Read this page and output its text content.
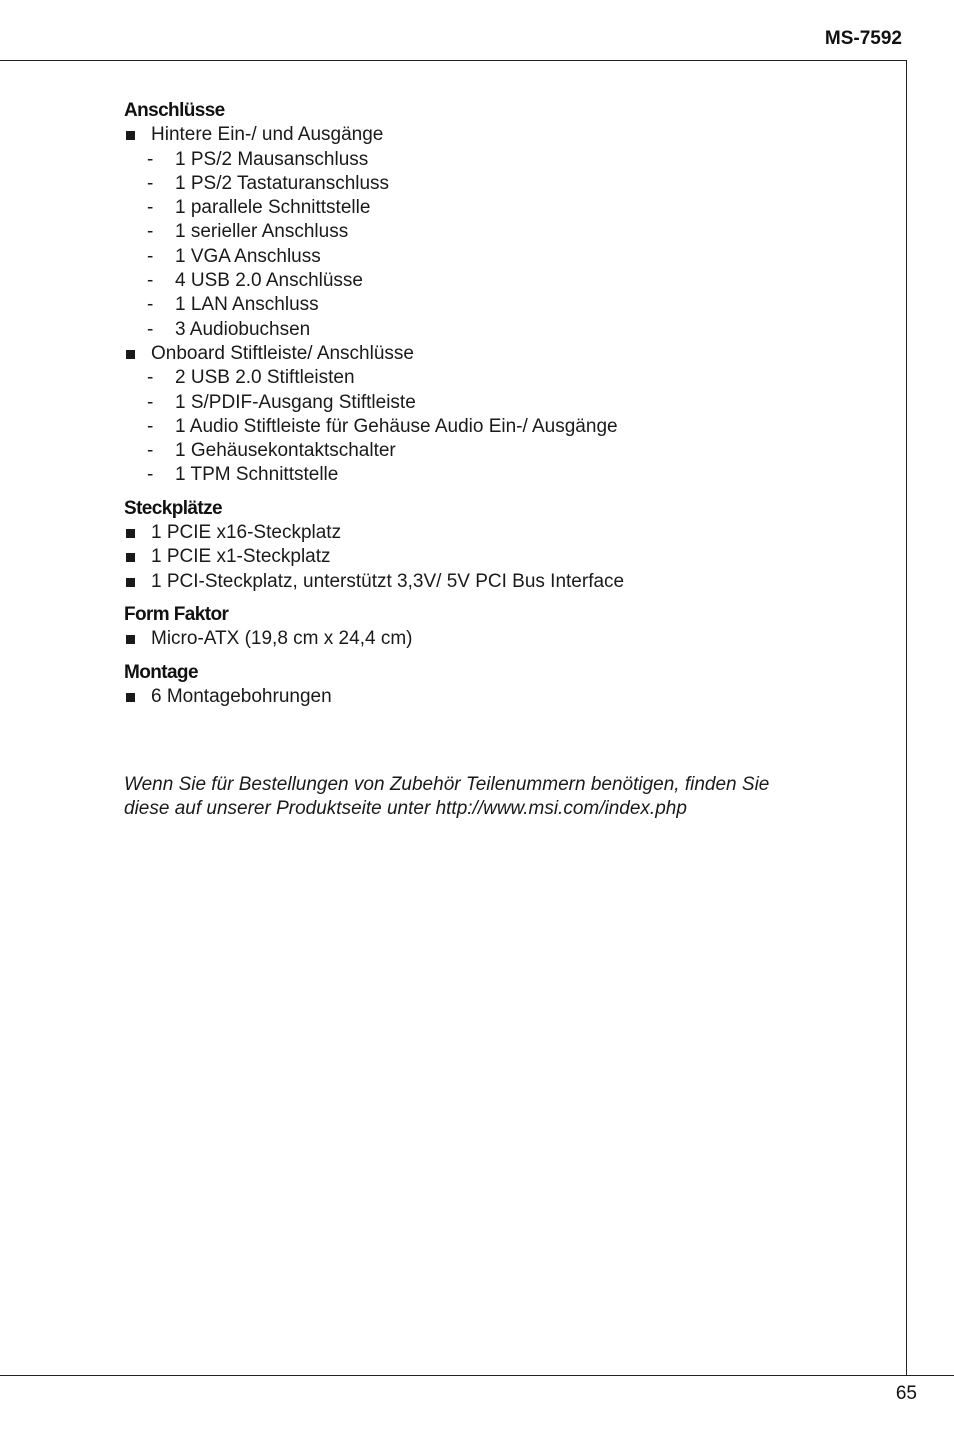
MS-7592
Anschlüsse
Hintere Ein-/ und Ausgänge
- 1 PS/2 Mausanschluss
- 1 PS/2 Tastaturanschluss
- 1 parallele Schnittstelle
- 1 serieller Anschluss
- 1 VGA Anschluss
- 4 USB 2.0 Anschlüsse
- 1 LAN Anschluss
- 3 Audiobuchsen
Onboard Stiftleiste/ Anschlüsse
- 2 USB 2.0 Stiftleisten
- 1 S/PDIF-Ausgang Stiftleiste
- 1 Audio Stiftleiste für Gehäuse Audio Ein-/ Ausgänge
- 1 Gehäusekontaktschalter
- 1 TPM Schnittstelle
Steckplätze
1 PCIE x16-Steckplatz
1 PCIE x1-Steckplatz
1 PCI-Steckplatz, unterstützt 3,3V/ 5V PCI Bus Interface
Form Faktor
Micro-ATX (19,8 cm x 24,4 cm)
Montage
6 Montagebohrungen
Wenn Sie für Bestellungen von Zubehör Teilenummern benötigen, finden Sie
diese auf unserer Produktseite unter http://www.msi.com/index.php
65
